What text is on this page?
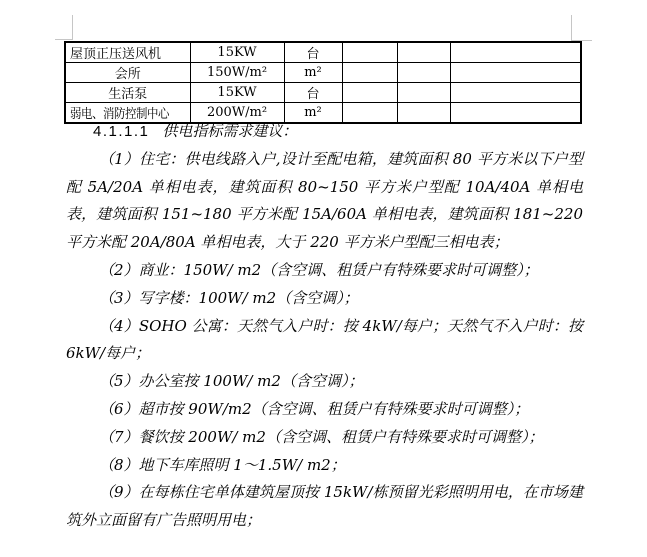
屋顶正压送风机	15KW	台			
会所	150W/m²	m²			
生活泵	15KW	台			
弱电、消防控制中心	200W/m²	m²			

4.1.1.1 供电指标需求建议：

（1）住宅：供电线路入户,设计至配电箱，建筑面积 80 平方米以下户型配 5A/20A 单相电表，建筑面积 80~150 平方米户型配 10A/40A 单相电表，建筑面积 151~180 平方米配 15A/60A 单相电表，建筑面积 181~220 平方米配 20A/80A 单相电表，大于 220 平方米户型配三相电表；

（2）商业：150W/ m2（含空调、租赁户有特殊要求时可调整）；

（3）写字楼：100W/ m2（含空调）；

（4）SOHO 公寓：天然气入户时：按 4kW/每户；天然气不入户时：按 6kW/每户；

（5）办公室按 100W/ m2（含空调）；

（6）超市按 90W/m2（含空调、租赁户有特殊要求时可调整）；

（7）餐饮按 200W/ m2（含空调、租赁户有特殊要求时可调整）；

（8）地下车库照明 1～1.5W/ m2；

（9）在每栋住宅单体建筑屋顶按 15kW/栋预留光彩照明用电，在市场建筑外立面留有广告照明用电；
